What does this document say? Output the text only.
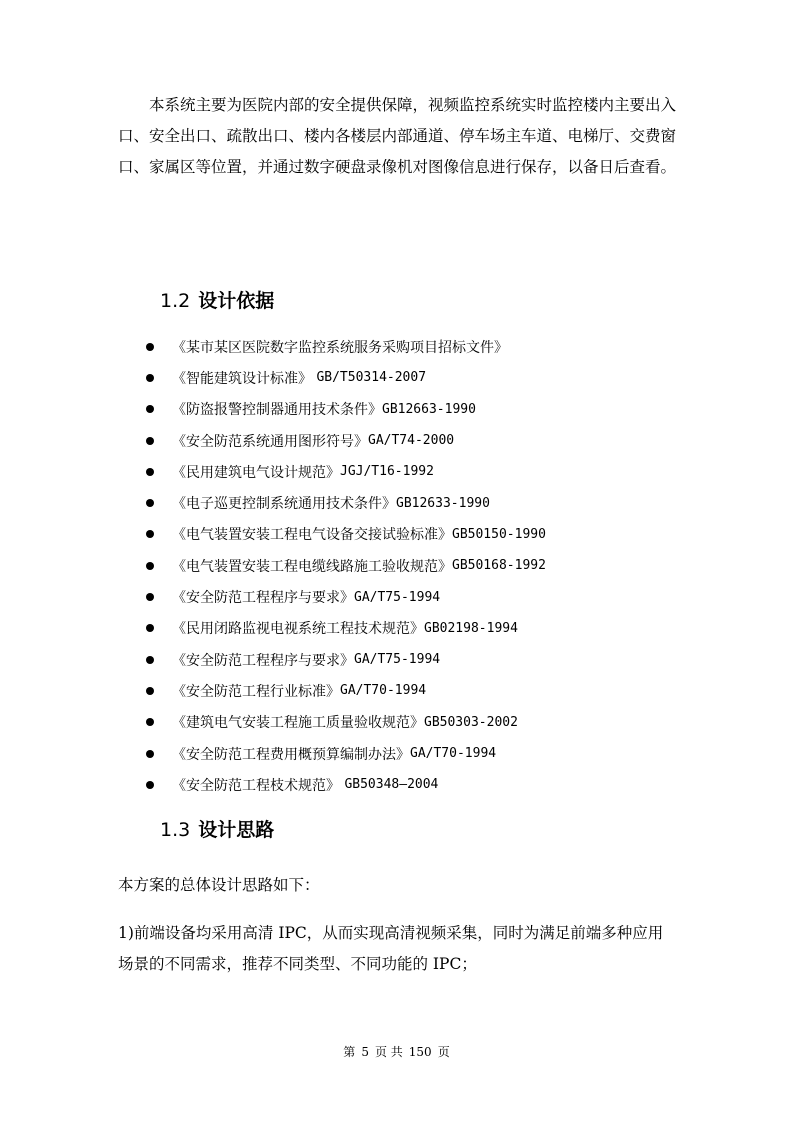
本系统主要为医院内部的安全提供保障，视频监控系统实时监控楼内主要出入口、安全出口、疏散出口、楼内各楼层内部通道、停车场主车道、电梯厅、交费窗口、家属区等位置，并通过数字硬盘录像机对图像信息进行保存，以备日后查看。

1.2 设计依据
《某市某区医院数字监控系统服务采购项目招标文件》
《智能建筑设计标准》 GB/T50314-2007
《防盗报警控制器通用技术条件》 GB12663-1990
《安全防范系统通用图形符号》 GA/T74-2000
《民用建筑电气设计规范》 JGJ/T16-1992
《电子巡更控制系统通用技术条件》 GB12633-1990
《电气装置安装工程电气设备交接试验标准》 GB50150-1990
《电气装置安装工程电缆线路施工验收规范》 GB50168-1992
《安全防范工程程序与要求》 GA/T75-1994
《民用闭路监视电视系统工程技术规范》 GB02198-1994
《安全防范工程程序与要求》 GA/T75-1994
《安全防范工程行业标准》 GA/T70-1994
《建筑电气安装工程施工质量验收规范》 GB50303-2002
《安全防范工程费用概预算编制办法》 GA/T70-1994
《安全防范工程枝术规范》 GB50348—2004
1.3 设计思路

本方案的总体设计思路如下：

1)前端设备均采用高清 IPC，从而实现高清视频采集，同时为满足前端多种应用场景的不同需求，推荐不同类型、不同功能的 IPC；

第 5 页 共 150 页
